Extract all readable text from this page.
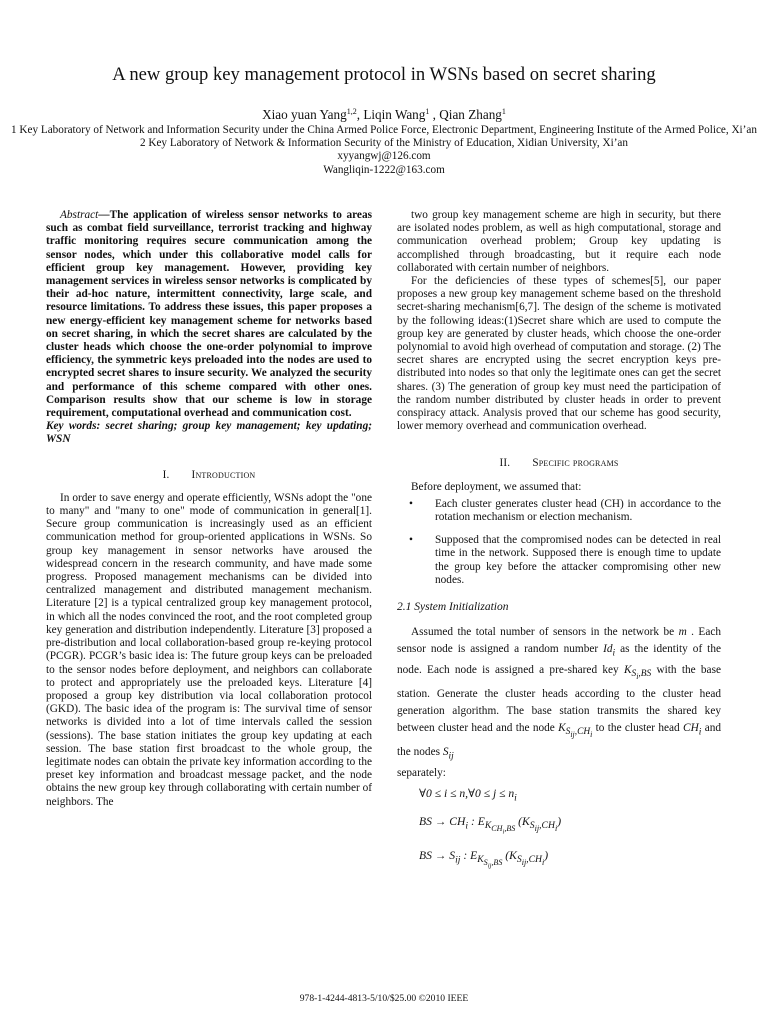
A new group key management protocol in WSNs based on secret sharing
Xiao yuan Yang$^{1,2}$, Liqin Wang$^1$ , Qian Zhang$^1$
1 Key Laboratory of Network and Information Security under the China Armed Police Force, Electronic Department, Engineering Institute of the Armed Police, Xi’an
2 Key Laboratory of Network & Information Security of the Ministry of Education, Xidian University, Xi’an
xyyangwj@126.com
Wangliqin-1222@163.com

Abstract—The application of wireless sensor networks to areas such as combat field surveillance, terrorist tracking and highway traffic monitoring requires secure communication among the sensor nodes, which under this collaborative model calls for efficient group key management. However, providing key management services in wireless sensor networks is complicated by their ad-hoc nature, intermittent connectivity, large scale, and resource limitations. To address these issues, this paper proposes a new energy-efficient key management scheme for networks based on secret sharing, in which the secret shares are calculated by the cluster heads which choose the one-order polynomial to improve efficiency, the symmetric keys preloaded into the nodes are used to encrypted secret shares to insure security. We analyzed the security and performance of this scheme compared with other ones. Comparison results show that our scheme is low in storage requirement, computational overhead and communication cost.

Key words: secret sharing; group key management; key updating; WSN

I. Introduction

In order to save energy and operate efficiently, WSNs adopt the "one to many" and "many to one" mode of communication in general[1]. Secure group communication is increasingly used as an efficient communication method for group-oriented applications in WSNs. So group key management in sensor networks have aroused the widespread concern in the research community, and have made some progress. Proposed management mechanisms can be divided into centralized management and distributed management mechanism. Literature [2] is a typical centralized group key management protocol, in which all the nodes convinced the root, and the root completed group key generation and distribution independently. Literature [3] proposed a pre-distribution and local collaboration-based group re-keying protocol (PCGR). PCGR’s basic idea is: The future group keys can be preloaded to the sensor nodes before deployment, and neighbors can collaborate to protect and appropriately use the preloaded keys. Literature [4] proposed a group key distribution via local collaboration protocol (GKD). The basic idea of the program is: The survival time of sensor networks is divided into a lot of time intervals called the session (sessions). The base station initiates the group key updating at each session. The base station first broadcast to the whole group, the legitimate nodes can obtain the private key information according to the preset key information and broadcast message packet, and the node obtains the new group key through collaborating with certain number of neighbors. The

two group key management scheme are high in security, but there are isolated nodes problem, as well as high computational, storage and communication overhead problem; Group key updating is accomplished through broadcasting, but it require each node collaborated with certain number of neighbors.

For the deficiencies of these types of schemes[5], our paper proposes a new group key management scheme based on the threshold secret-sharing mechanism[6,7]. The design of the scheme is motivated by the following ideas:(1)Secret share which are used to compute the group key are generated by cluster heads, which choose the one-order polynomial to avoid high overhead of computation and storage. (2) The secret shares are encrypted using the secret encryption keys pre-distributed into nodes so that only the legitimate ones can get the secret shares. (3) The generation of group key must need the participation of the random number distributed by cluster heads in order to prevent conspiracy attack. Analysis proved that our scheme has good security, lower memory overhead and communication overhead.

II. Specific programs

Before deployment, we assumed that:

• Each cluster generates cluster head (CH) in accordance to the rotation mechanism or election mechanism.
• Supposed that the compromised nodes can be detected in real time in the network. Supposed there is enough time to update the group key before the attacker compromising other new nodes.
2.1 System Initialization

Assumed the total number of sensors in the network be m . Each sensor node is assigned a random number $Id_i$ as the identity of the node. Each node is assigned a pre-shared key $K_{S_i,BS}$ with the base station. Generate the cluster heads according to the cluster head generation algorithm. The base station transmits the shared key between cluster head and the node $K_{S_{ij},CH_i}$ to the cluster head $CH_i$ and the nodes $S_{ij}$
separately:

∀0 ≤ i ≤ n,∀0 ≤ $j \le n_i$
BS → $CH_i$ : $E_{K_{CH_i,BS}}$ $(K_{S_{ij},CH_i})$
BS → $S_{ij}$ : $E_{K_{S_{ij},BS}}$ $(K_{S_{ij},CH_i})$
978-1-4244-4813-5/10/$25.00 ©2010 IEEE
